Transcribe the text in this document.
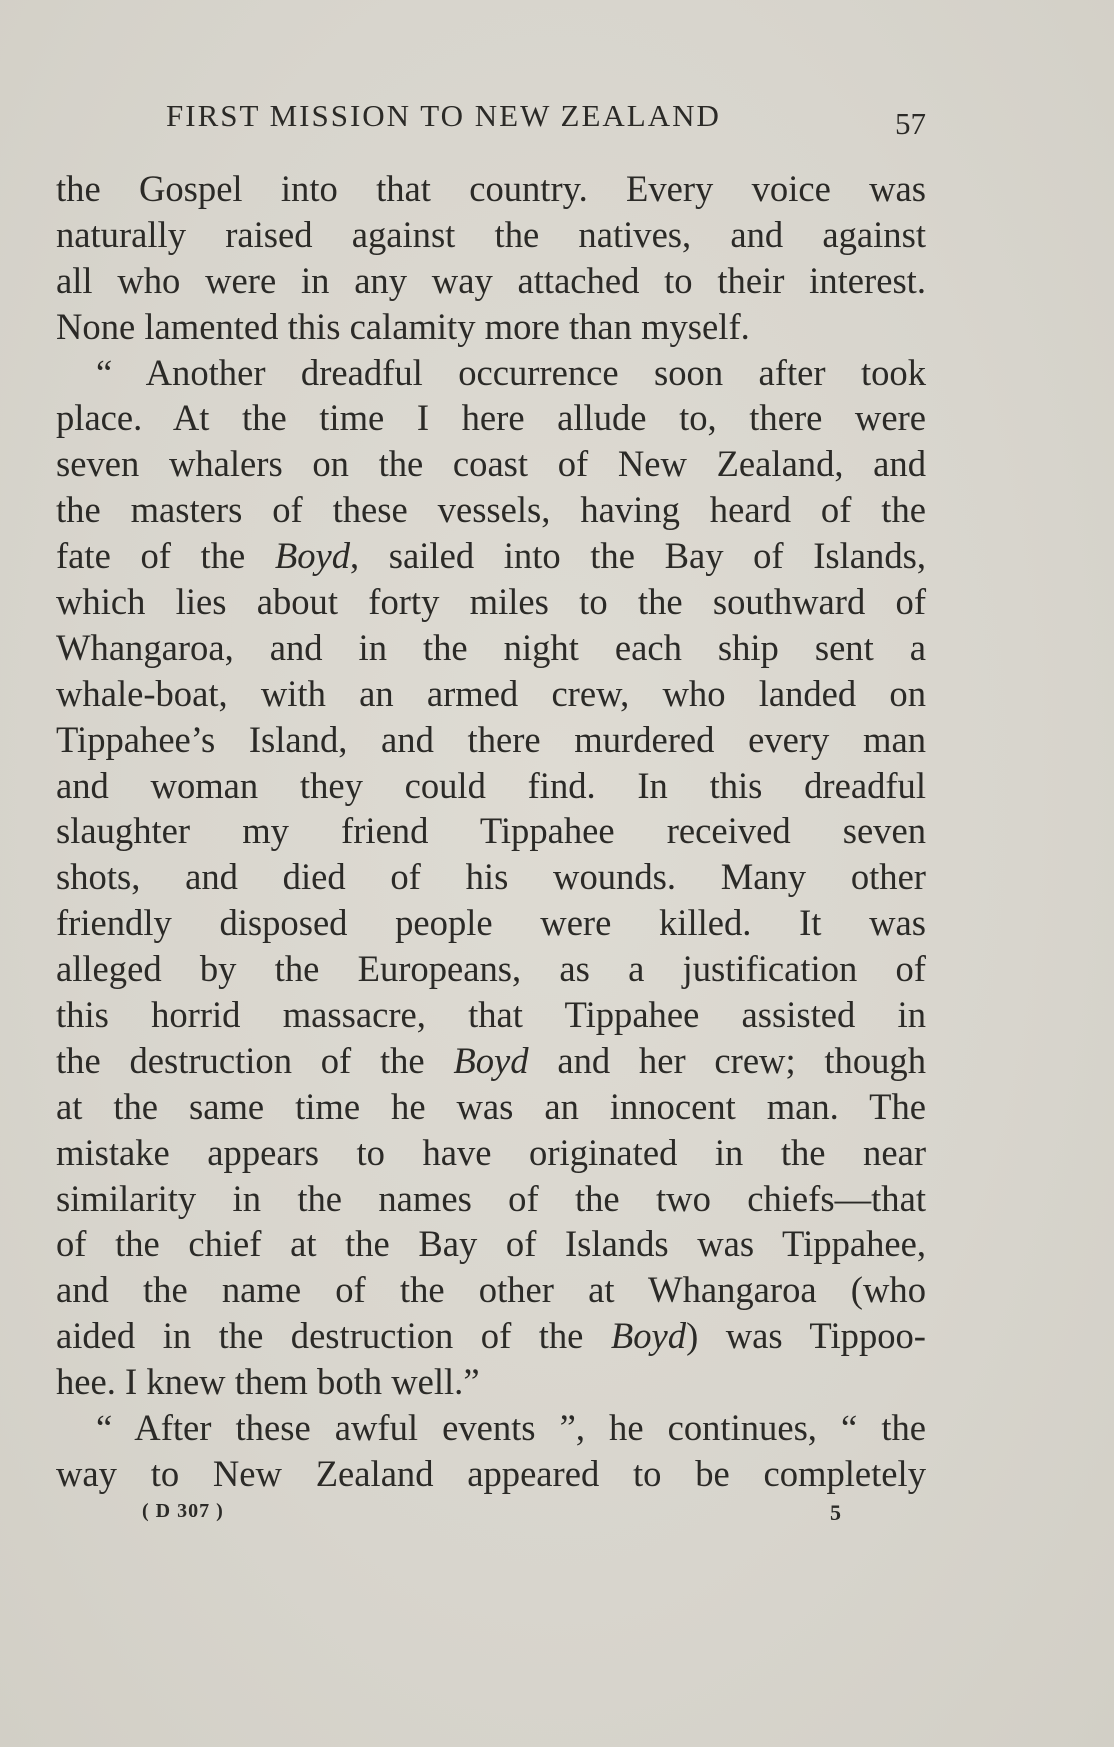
FIRST MISSION TO NEW ZEALAND	57
the Gospel into that country. Every voice was
naturally raised against the natives, and against
all who were in any way attached to their interest.
None lamented this calamity more than myself.
“ Another dreadful occurrence soon after took
place. At the time I here allude to, there were
seven whalers on the coast of New Zealand, and
the masters of these vessels, having heard of the
fate of the Boyd, sailed into the Bay of Islands,
which lies about forty miles to the southward of
Whangaroa, and in the night each ship sent a
whale-boat, with an armed crew, who landed on
Tippahee’s Island, and there murdered every man
and woman they could find. In this dreadful
slaughter my friend Tippahee received seven
shots, and died of his wounds. Many other
friendly disposed people were killed. It was
alleged by the Europeans, as a justification of
this horrid massacre, that Tippahee assisted in
the destruction of the Boyd and her crew; though
at the same time he was an innocent man. The
mistake appears to have originated in the near
similarity in the names of the two chiefs—that
of the chief at the Bay of Islands was Tippahee,
and the name of the other at Whangaroa (who
aided in the destruction of the Boyd) was Tippoo-
hee. I knew them both well.”
“ After these awful events ”, he continues, “ the
way to New Zealand appeared to be completely
( D 307 )	5
